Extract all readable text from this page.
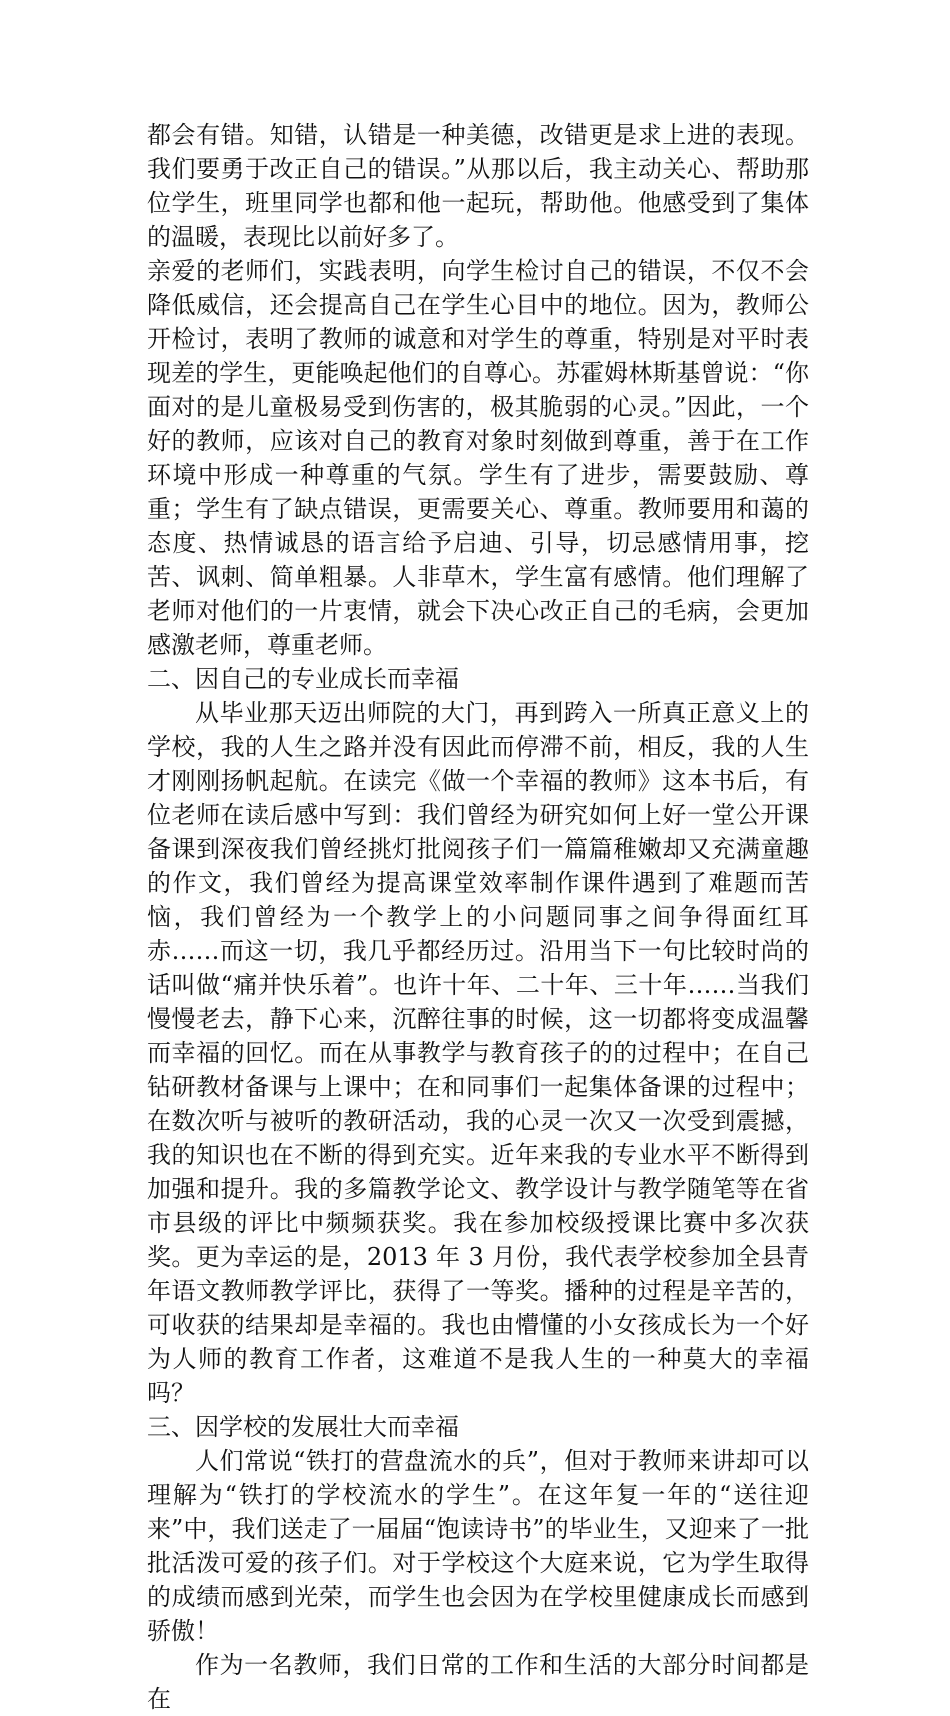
都会有错。知错，认错是一种美德，改错更是求上进的表现。我们要勇于改正自己的错误。”从那以后，我主动关心、帮助那位学生，班里同学也都和他一起玩，帮助他。他感受到了集体的温暖，表现比以前好多了。

亲爱的老师们，实践表明，向学生检讨自己的错误，不仅不会降低威信，还会提高自己在学生心目中的地位。因为，教师公开检讨，表明了教师的诚意和对学生的尊重，特别是对平时表现差的学生，更能唤起他们的自尊心。苏霍姆林斯基曾说：“你面对的是儿童极易受到伤害的，极其脆弱的心灵。”因此，一个好的教师，应该对自己的教育对象时刻做到尊重，善于在工作环境中形成一种尊重的气氛。学生有了进步，需要鼓励、尊重；学生有了缺点错误，更需要关心、尊重。教师要用和蔼的态度、热情诚恳的语言给予启迪、引导，切忌感情用事，挖苦、讽刺、简单粗暴。人非草木，学生富有感情。他们理解了老师对他们的一片衷情，就会下决心改正自己的毛病，会更加感激老师，尊重老师。

二、因自己的专业成长而幸福

从毕业那天迈出师院的大门，再到跨入一所真正意义上的学校，我的人生之路并没有因此而停滞不前，相反，我的人生才刚刚扬帆起航。在读完《做一个幸福的教师》这本书后，有位老师在读后感中写到：我们曾经为研究如何上好一堂公开课备课到深夜我们曾经挑灯批阅孩子们一篇篇稚嫩却又充满童趣的作文，我们曾经为提高课堂效率制作课件遇到了难题而苦恼，我们曾经为一个教学上的小问题同事之间争得面红耳赤……而这一切，我几乎都经历过。沿用当下一句比较时尚的话叫做“痛并快乐着”。也许十年、二十年、三十年……当我们慢慢老去，静下心来，沉醉往事的时候，这一切都将变成温馨而幸福的回忆。而在从事教学与教育孩子的的过程中；在自己钻研教材备课与上课中；在和同事们一起集体备课的过程中；在数次听与被听的教研活动，我的心灵一次又一次受到震撼，我的知识也在不断的得到充实。近年来我的专业水平不断得到加强和提升。我的多篇教学论文、教学设计与教学随笔等在省市县级的评比中频频获奖。我在参加校级授课比赛中多次获奖。更为幸运的是，2013 年 3 月份，我代表学校参加全县青年语文教师教学评比，获得了一等奖。播种的过程是辛苦的，可收获的结果却是幸福的。我也由懵懂的小女孩成长为一个好为人师的教育工作者，这难道不是我人生的一种莫大的幸福吗？

三、因学校的发展壮大而幸福

人们常说“铁打的营盘流水的兵”，但对于教师来讲却可以理解为“铁打的学校流水的学生”。在这年复一年的“送往迎来”中，我们送走了一届届“饱读诗书”的毕业生，又迎来了一批批活泼可爱的孩子们。对于学校这个大庭来说，它为学生取得的成绩而感到光荣，而学生也会因为在学校里健康成长而感到骄傲！

作为一名教师，我们日常的工作和生活的大部分时间都是在
